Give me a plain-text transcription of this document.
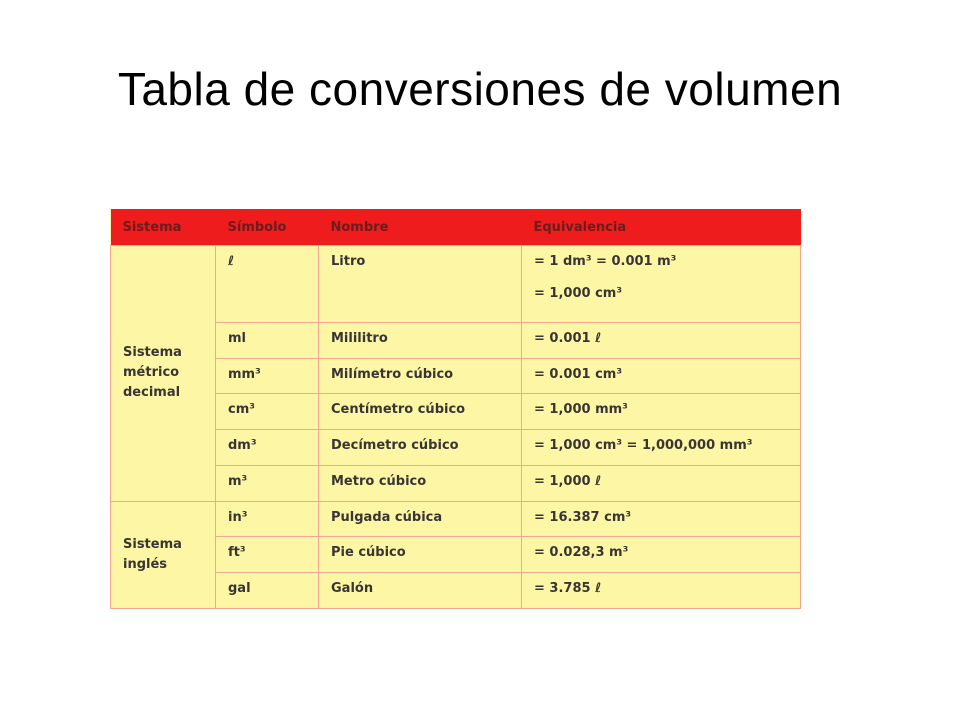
Tabla de conversiones de volumen
Sistema	Símbolo	Nombre	Equivalencia
Sistema métrico decimal	ℓ	Litro	= 1 dm³ = 0.001 m³
= 1,000 cm³

	ml	Mililitro	= 0.001 ℓ

	mm³	Milímetro cúbico	= 0.001 cm³

	cm³	Centímetro cúbico	= 1,000 mm³

	dm³	Decímetro cúbico	= 1,000 cm³ = 1,000,000 mm³

	m³	Metro cúbico	= 1,000 ℓ

Sistema inglés	in³	Pulgada cúbica	= 16.387 cm³

	ft³	Pie cúbico	= 0.028,3 m³

	gal	Galón	= 3.785 ℓ
